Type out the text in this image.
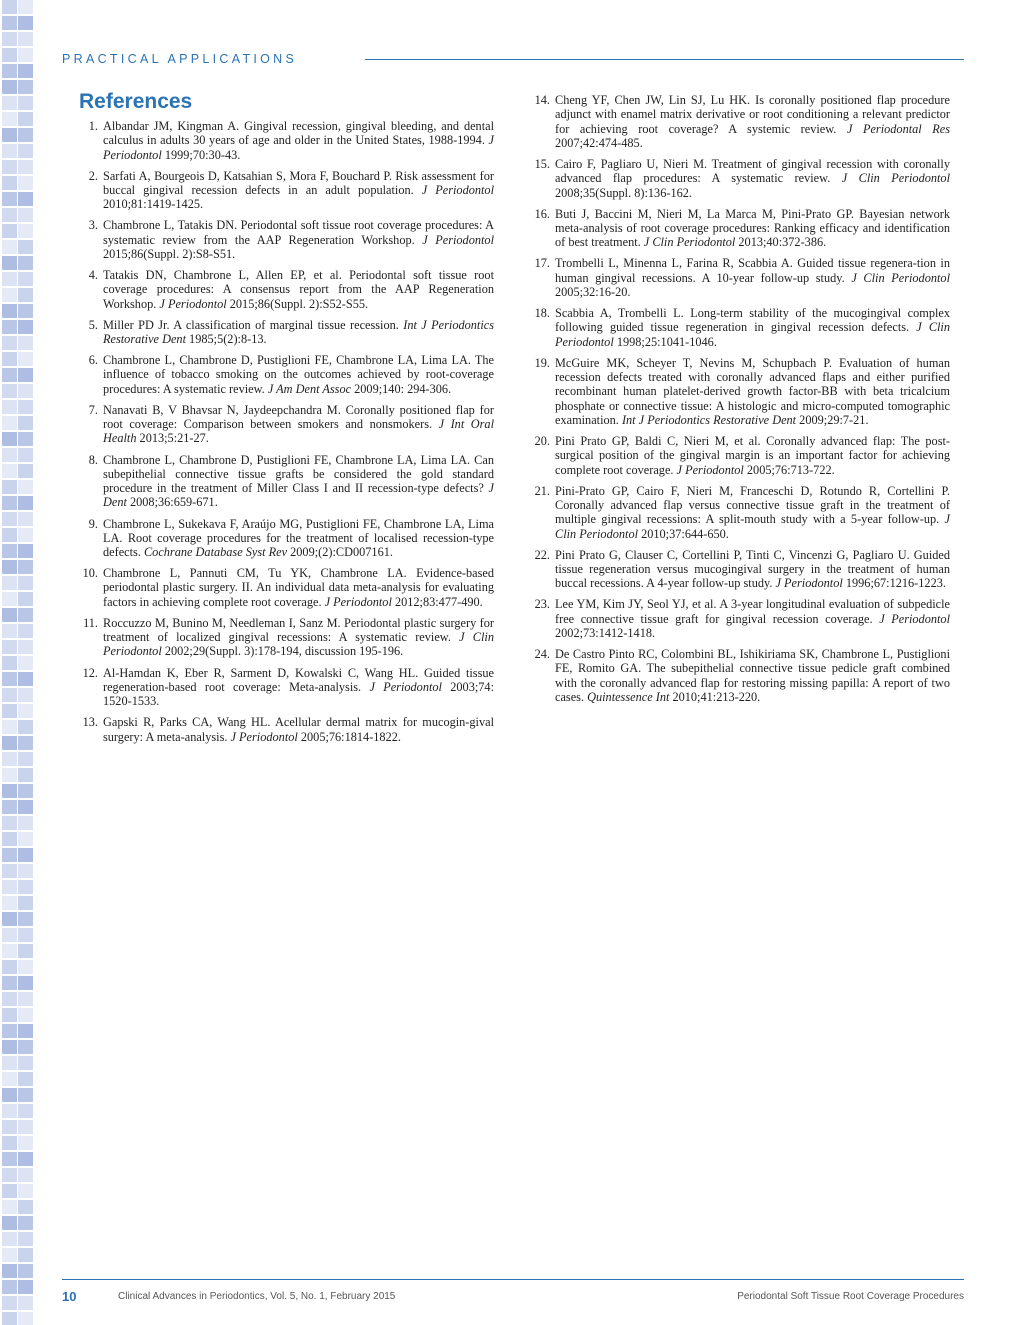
PRACTICAL APPLICATIONS
References
1. Albandar JM, Kingman A. Gingival recession, gingival bleeding, and dental calculus in adults 30 years of age and older in the United States, 1988-1994. J Periodontol 1999;70:30-43.
2. Sarfati A, Bourgeois D, Katsahian S, Mora F, Bouchard P. Risk assessment for buccal gingival recession defects in an adult population. J Periodontol 2010;81:1419-1425.
3. Chambrone L, Tatakis DN. Periodontal soft tissue root coverage procedures: A systematic review from the AAP Regeneration Workshop. J Periodontol 2015;86(Suppl. 2):S8-S51.
4. Tatakis DN, Chambrone L, Allen EP, et al. Periodontal soft tissue root coverage procedures: A consensus report from the AAP Regeneration Workshop. J Periodontol 2015;86(Suppl. 2):S52-S55.
5. Miller PD Jr. A classification of marginal tissue recession. Int J Periodontics Restorative Dent 1985;5(2):8-13.
6. Chambrone L, Chambrone D, Pustiglioni FE, Chambrone LA, Lima LA. The influence of tobacco smoking on the outcomes achieved by root-coverage procedures: A systematic review. J Am Dent Assoc 2009;140: 294-306.
7. Nanavati B, V Bhavsar N, Jaydeepchandra M. Coronally positioned flap for root coverage: Comparison between smokers and nonsmokers. J Int Oral Health 2013;5:21-27.
8. Chambrone L, Chambrone D, Pustiglioni FE, Chambrone LA, Lima LA. Can subepithelial connective tissue grafts be considered the gold standard procedure in the treatment of Miller Class I and II recession-type defects? J Dent 2008;36:659-671.
9. Chambrone L, Sukekava F, Araújo MG, Pustiglioni FE, Chambrone LA, Lima LA. Root coverage procedures for the treatment of localised recession-type defects. Cochrane Database Syst Rev 2009;(2):CD007161.
10. Chambrone L, Pannuti CM, Tu YK, Chambrone LA. Evidence-based periodontal plastic surgery. II. An individual data meta-analysis for evaluating factors in achieving complete root coverage. J Periodontol 2012;83:477-490.
11. Roccuzzo M, Bunino M, Needleman I, Sanz M. Periodontal plastic surgery for treatment of localized gingival recessions: A systematic review. J Clin Periodontol 2002;29(Suppl. 3):178-194, discussion 195-196.
12. Al-Hamdan K, Eber R, Sarment D, Kowalski C, Wang HL. Guided tissue regeneration-based root coverage: Meta-analysis. J Periodontol 2003;74: 1520-1533.
13. Gapski R, Parks CA, Wang HL. Acellular dermal matrix for mucogin-gival surgery: A meta-analysis. J Periodontol 2005;76:1814-1822.
14. Cheng YF, Chen JW, Lin SJ, Lu HK. Is coronally positioned flap procedure adjunct with enamel matrix derivative or root conditioning a relevant predictor for achieving root coverage? A systemic review. J Periodontal Res 2007;42:474-485.
15. Cairo F, Pagliaro U, Nieri M. Treatment of gingival recession with coronally advanced flap procedures: A systematic review. J Clin Periodontol 2008;35(Suppl. 8):136-162.
16. Buti J, Baccini M, Nieri M, La Marca M, Pini-Prato GP. Bayesian network meta-analysis of root coverage procedures: Ranking efficacy and identification of best treatment. J Clin Periodontol 2013;40:372-386.
17. Trombelli L, Minenna L, Farina R, Scabbia A. Guided tissue regenera-tion in human gingival recessions. A 10-year follow-up study. J Clin Periodontol 2005;32:16-20.
18. Scabbia A, Trombelli L. Long-term stability of the mucogingival complex following guided tissue regeneration in gingival recession defects. J Clin Periodontol 1998;25:1041-1046.
19. McGuire MK, Scheyer T, Nevins M, Schupbach P. Evaluation of human recession defects treated with coronally advanced flaps and either purified recombinant human platelet-derived growth factor-BB with beta tricalcium phosphate or connective tissue: A histologic and micro-computed tomographic examination. Int J Periodontics Restorative Dent 2009;29:7-21.
20. Pini Prato GP, Baldi C, Nieri M, et al. Coronally advanced flap: The post-surgical position of the gingival margin is an important factor for achieving complete root coverage. J Periodontol 2005;76:713-722.
21. Pini-Prato GP, Cairo F, Nieri M, Franceschi D, Rotundo R, Cortellini P. Coronally advanced flap versus connective tissue graft in the treatment of multiple gingival recessions: A split-mouth study with a 5-year follow-up. J Clin Periodontol 2010;37:644-650.
22. Pini Prato G, Clauser C, Cortellini P, Tinti C, Vincenzi G, Pagliaro U. Guided tissue regeneration versus mucogingival surgery in the treatment of human buccal recessions. A 4-year follow-up study. J Periodontol 1996;67:1216-1223.
23. Lee YM, Kim JY, Seol YJ, et al. A 3-year longitudinal evaluation of subpedicle free connective tissue graft for gingival recession coverage. J Periodontol 2002;73:1412-1418.
24. De Castro Pinto RC, Colombini BL, Ishikiriama SK, Chambrone L, Pustiglioni FE, Romito GA. The subepithelial connective tissue pedicle graft combined with the coronally advanced flap for restoring missing papilla: A report of two cases. Quintessence Int 2010;41:213-220.
10	Clinical Advances in Periodontics, Vol. 5, No. 1, February 2015	Periodontal Soft Tissue Root Coverage Procedures
